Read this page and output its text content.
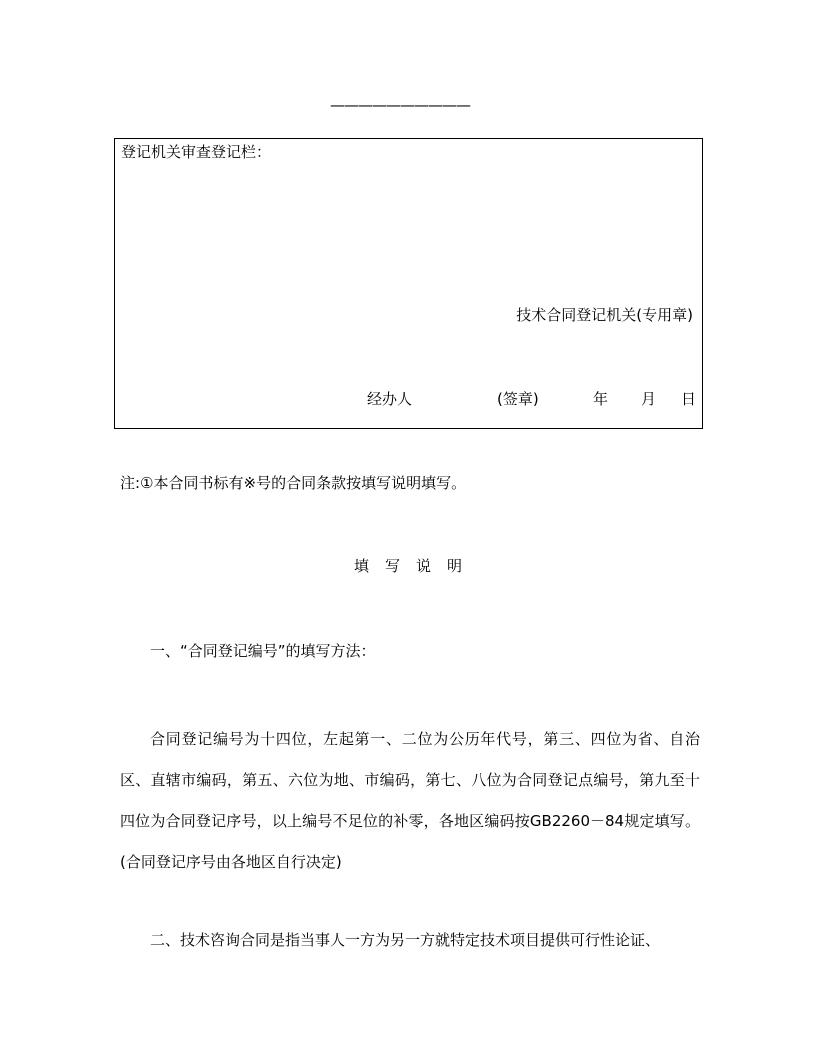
——————————
登记机关审查登记栏：
技术合同登记机关(专用章)
经办人	(签章)	年 月 日
注:①本合同书标有※号的合同条款按填写说明填写。
填写说明
一、“合同登记编号”的填写方法：
合同登记编号为十四位，左起第一、二位为公历年代号，第三、四位为省、自治区、直辖市编码，第五、六位为地、市编码，第七、八位为合同登记点编号，第九至十四位为合同登记序号，以上编号不足位的补零，各地区编码按GB2260－84规定填写。(合同登记序号由各地区自行决定)
二、技术咨询合同是指当事人一方为另一方就特定技术项目提供可行性论证、
